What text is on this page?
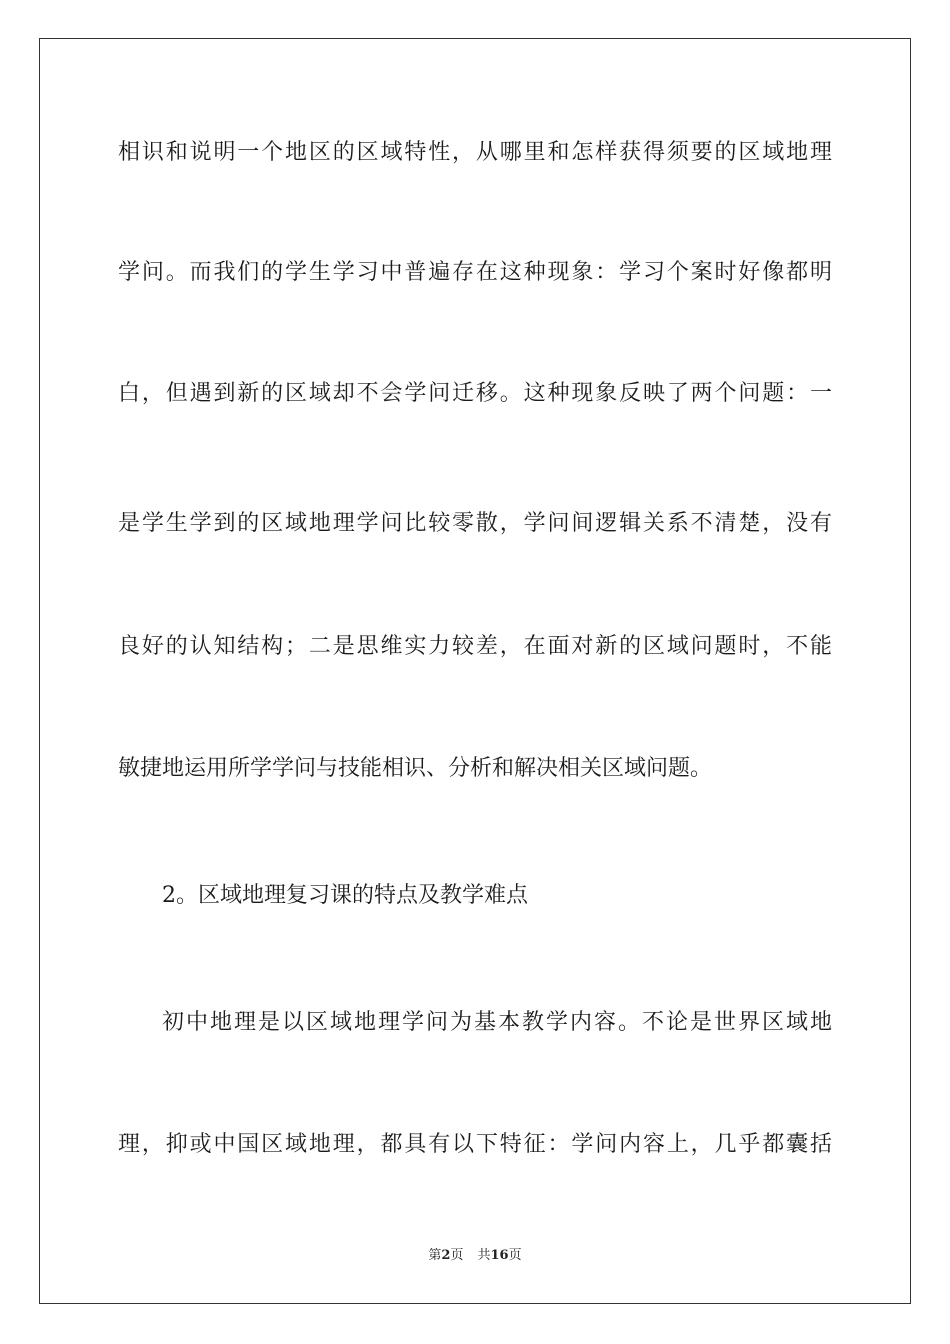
相识和说明一个地区的区域特性，从哪里和怎样获得须要的区域地理
学问。而我们的学生学习中普遍存在这种现象：学习个案时好像都明
白，但遇到新的区域却不会学问迁移。这种现象反映了两个问题：一
是学生学到的区域地理学问比较零散，学问间逻辑关系不清楚，没有
良好的认知结构；二是思维实力较差，在面对新的区域问题时，不能
敏捷地运用所学学问与技能相识、分析和解决相关区域问题。
2。区域地理复习课的特点及教学难点
初中地理是以区域地理学问为基本教学内容。不论是世界区域地
理，抑或中国区域地理，都具有以下特征：学问内容上，几乎都囊括
第2页 共16页
